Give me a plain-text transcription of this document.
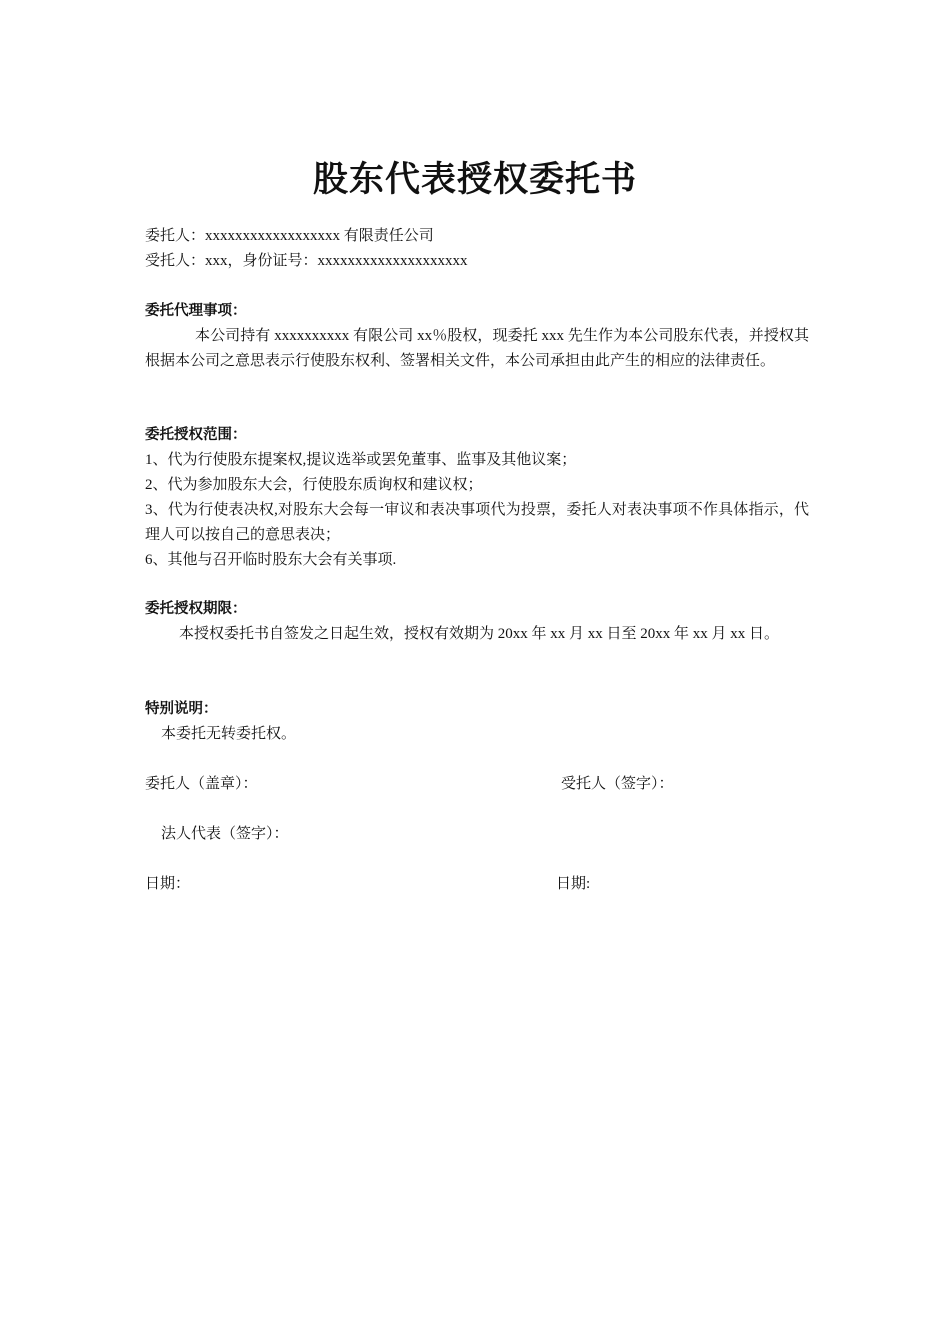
股东代表授权委托书
委托人：xxxxxxxxxxxxxxxxxx 有限责任公司
受托人：xxx，身份证号：xxxxxxxxxxxxxxxxxxxx
委托代理事项：
本公司持有 xxxxxxxxxx 有限公司 xx％股权，现委托 xxx 先生作为本公司股东代表，并授权其根据本公司之意思表示行使股东权利、签署相关文件，本公司承担由此产生的相应的法律责任。
委托授权范围：
1、代为行使股东提案权,提议选举或罢免董事、监事及其他议案；
2、代为参加股东大会，行使股东质询权和建议权；
3、代为行使表决权,对股东大会每一审议和表决事项代为投票，委托人对表决事项不作具体指示，代理人可以按自己的意思表决；
6、其他与召开临时股东大会有关事项.
委托授权期限：
本授权委托书自签发之日起生效，授权有效期为 20xx 年 xx 月 xx 日至 20xx 年 xx 月 xx 日。
特别说明：
本委托无转委托权。
委托人（盖章）：	受托人（签字）：
法人代表（签字）：
日期：	日期:
